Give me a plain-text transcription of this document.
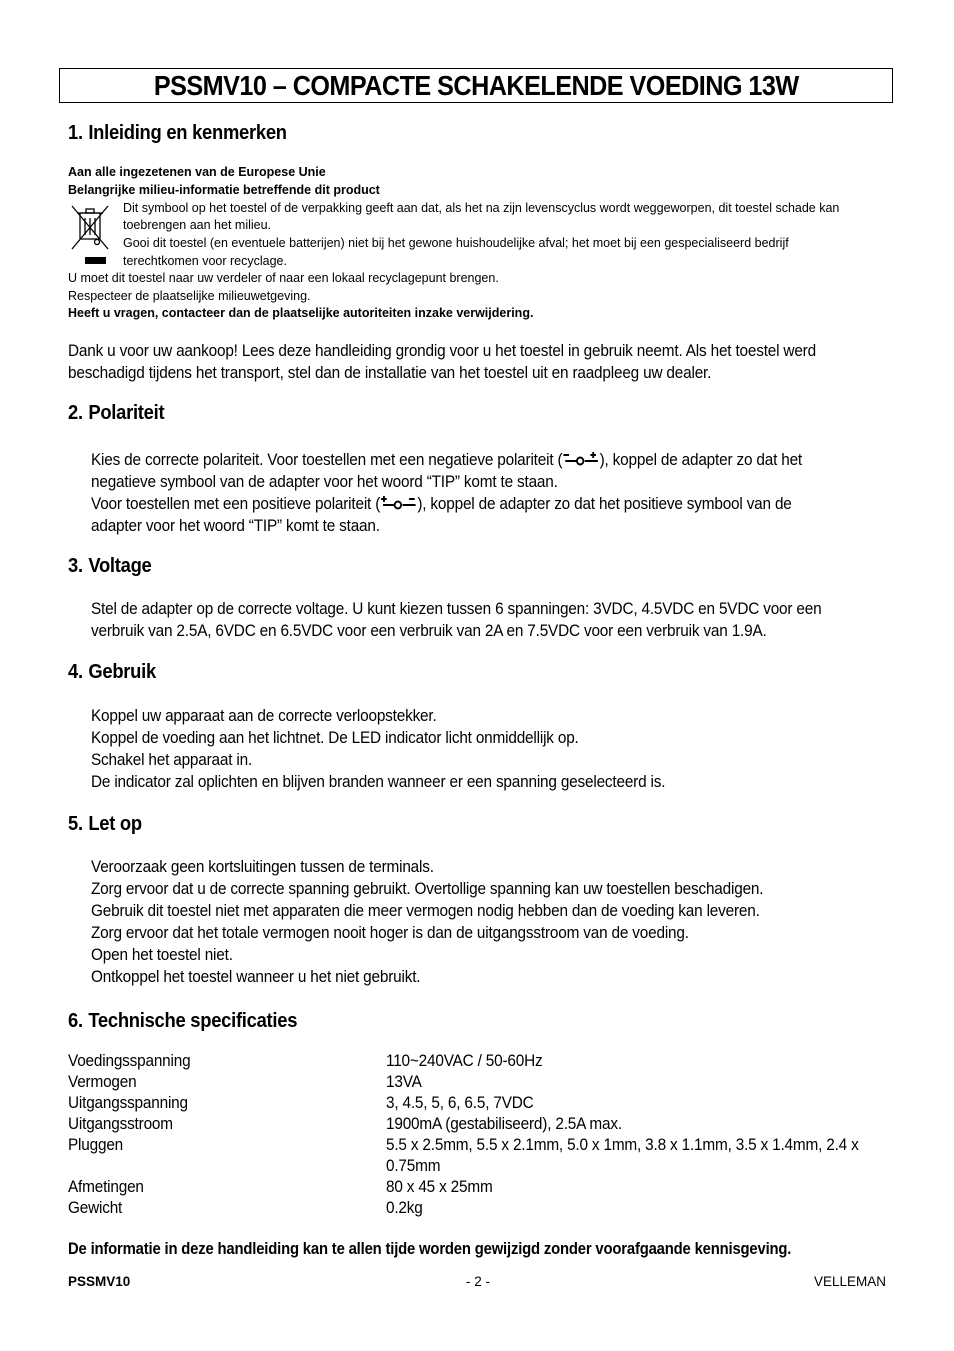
PSSMV10 – COMPACTE SCHAKELENDE VOEDING 13W
1. Inleiding en kenmerken
Aan alle ingezetenen van de Europese Unie
Belangrijke milieu-informatie betreffende dit product
Dit symbool op het toestel of de verpakking geeft aan dat, als het na zijn levenscyclus wordt weggeworpen, dit toestel schade kan
toebrengen aan het milieu.
Gooi dit toestel (en eventuele batterijen) niet bij het gewone huishoudelijke afval; het moet bij een gespecialiseerd bedrijf
terechtkomen voor recyclage.
U moet dit toestel naar uw verdeler of naar een lokaal recyclagepunt brengen.
Respecteer de plaatselijke milieuwetgeving.
Heeft u vragen, contacteer dan de plaatselijke autoriteiten inzake verwijdering.
Dank u voor uw aankoop! Lees deze handleiding grondig voor u het toestel in gebruik neemt. Als het toestel werd
beschadigd tijdens het transport, stel dan de installatie van het toestel uit en raadpleeg uw dealer.
2. Polariteit
Kies de correcte polariteit. Voor toestellen met een negatieve polariteit ( ), koppel de adapter zo dat het
negatieve symbool van de adapter voor het woord “TIP” komt te staan.
Voor toestellen met een positieve polariteit ( ), koppel de adapter zo dat het positieve symbool van de
adapter voor het woord “TIP” komt te staan.
3. Voltage
Stel de adapter op de correcte voltage. U kunt kiezen tussen 6 spanningen: 3VDC, 4.5VDC en 5VDC voor een
verbruik van 2.5A, 6VDC en 6.5VDC voor een verbruik van 2A en 7.5VDC voor een verbruik van 1.9A.
4. Gebruik
Koppel uw apparaat aan de correcte verloopstekker.
Koppel de voeding aan het lichtnet. De LED indicator licht onmiddellijk op.
Schakel het apparaat in.
De indicator zal oplichten en blijven branden wanneer er een spanning geselecteerd is.
5. Let op
Veroorzaak geen kortsluitingen tussen de terminals.
Zorg ervoor dat u de correcte spanning gebruikt. Overtollige spanning kan uw toestellen beschadigen.
Gebruik dit toestel niet met apparaten die meer vermogen nodig hebben dan de voeding kan leveren.
Zorg ervoor dat het totale vermogen nooit hoger is dan de uitgangsstroom van de voeding.
Open het toestel niet.
Ontkoppel het toestel wanneer u het niet gebruikt.
6. Technische specificaties
Voedingsspanning	110~240VAC / 50-60Hz
Vermogen	13VA
Uitgangsspanning	3, 4.5, 5, 6, 6.5, 7VDC
Uitgangsstroom	1900mA (gestabiliseerd), 2.5A max.
Pluggen	5.5 x 2.5mm, 5.5 x 2.1mm, 5.0 x 1mm, 3.8 x 1.1mm, 3.5 x 1.4mm, 2.4 x
0.75mm
Afmetingen	80 x 45 x 25mm
Gewicht	0.2kg
De informatie in deze handleiding kan te allen tijde worden gewijzigd zonder voorafgaande kennisgeving.
PSSMV10	- 2 -	VELLEMAN
